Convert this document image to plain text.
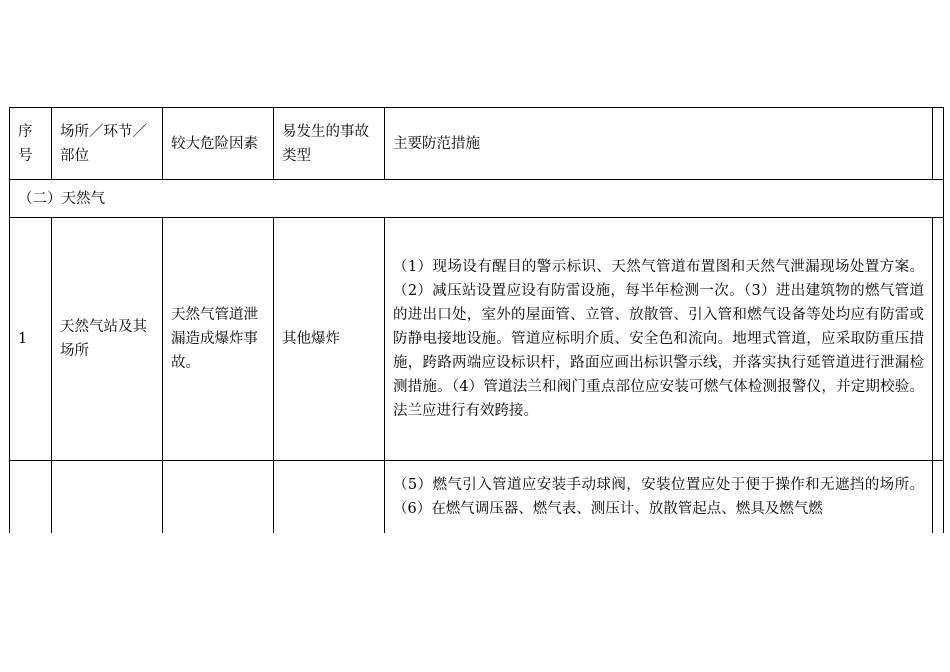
序号	场所／环节／部位	较大危险因素	易发生的事故类型	主要防范措施	
（二）天然气					
1	天然气站及其场所	天然气管道泄漏造成爆炸事故。	其他爆炸	（1）现场设有醒目的警示标识、天然气管道布置图和天然气泄漏现场处置方案。（2）减压站设置应设有防雷设施，每半年检测一次。（3）进出建筑物的燃气管道的进出口处，室外的屋面管、立管、放散管、引入管和燃气设备等处均应有防雷或防静电接地设施。管道应标明介质、安全色和流向。地埋式管道，应采取防重压措施，跨路两端应设标识杆，路面应画出标识警示线，并落实执行延管道进行泄漏检测措施。（4）管道法兰和阀门重点部位应安装可燃气体检测报警仪，并定期校验。法兰应进行有效跨接。	
				（5）燃气引入管道应安装手动球阀，安装位置应处于便于操作和无遮挡的场所。（6）在燃气调压器、燃气表、测压计、放散管起点、燃具及燃气燃	
